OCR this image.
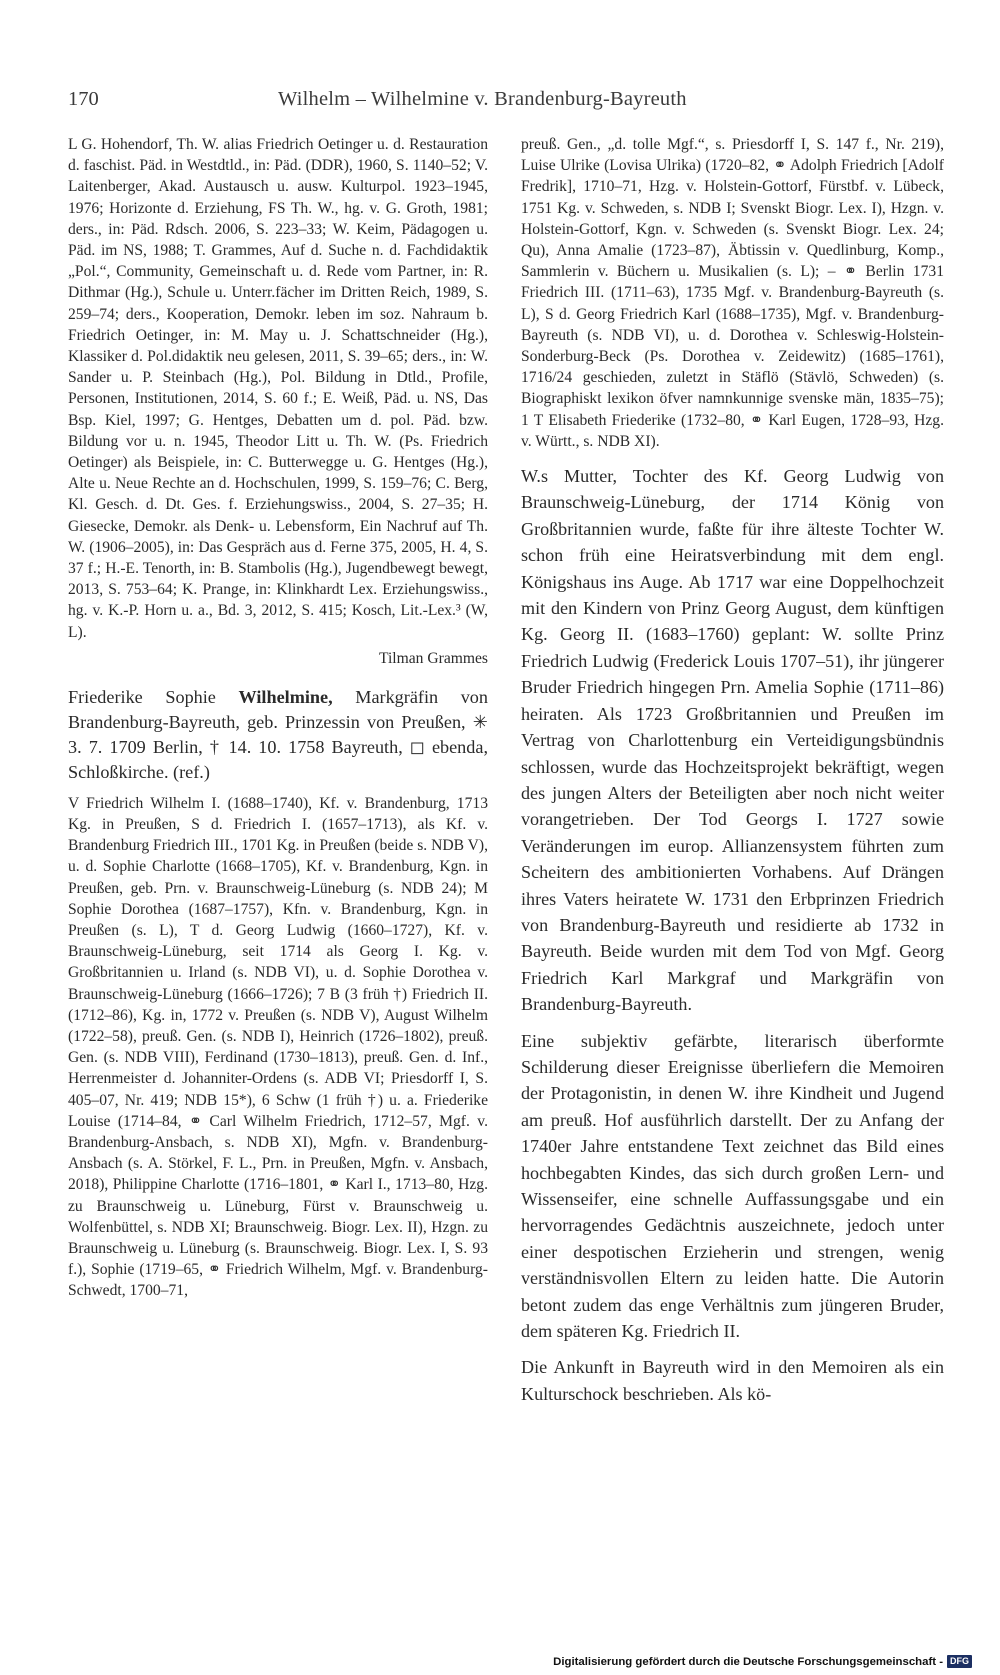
170	Wilhelm – Wilhelmine v. Brandenburg-Bayreuth

L G. Hohendorf, Th. W. alias Friedrich Oetinger u. d. Restauration d. faschist. Päd. in Westdtld., in: Päd. (DDR), 1960, S. 1140–52; V. Laitenberger, Akad. Austausch u. ausw. Kulturpol. 1923–1945, 1976; Horizonte d. Erziehung, FS Th. W., hg. v. G. Groth, 1981; ders., in: Päd. Rdsch. 2006, S. 223–33; W. Keim, Pädagogen u. Päd. im NS, 1988; T. Grammes, Auf d. Suche n. d. Fachdidaktik „Pol.“, Community, Gemeinschaft u. d. Rede vom Partner, in: R. Dithmar (Hg.), Schule u. Unterr.fächer im Dritten Reich, 1989, S. 259–74; ders., Kooperation, Demokr. leben im soz. Nahraum b. Friedrich Oetinger, in: M. May u. J. Schattschneider (Hg.), Klassiker d. Pol.didaktik neu gelesen, 2011, S. 39–65; ders., in: W. Sander u. P. Steinbach (Hg.), Pol. Bildung in Dtld., Profile, Personen, Institutionen, 2014, S. 60 f.; E. Weiß, Päd. u. NS, Das Bsp. Kiel, 1997; G. Hentges, Debatten um d. pol. Päd. bzw. Bildung vor u. n. 1945, Theodor Litt u. Th. W. (Ps. Friedrich Oetinger) als Beispiele, in: C. Butterwegge u. G. Hentges (Hg.), Alte u. Neue Rechte an d. Hochschulen, 1999, S. 159–76; C. Berg, Kl. Gesch. d. Dt. Ges. f. Erziehungswiss., 2004, S. 27–35; H. Giesecke, Demokr. als Denk- u. Lebensform, Ein Nachruf auf Th. W. (1906–2005), in: Das Gespräch aus d. Ferne 375, 2005, H. 4, S. 37 f.; H.-E. Tenorth, in: B. Stambolis (Hg.), Jugendbewegt bewegt, 2013, S. 753–64; K. Prange, in: Klinkhardt Lex. Erziehungswiss., hg. v. K.-P. Horn u. a., Bd. 3, 2012, S. 415; Kosch, Lit.-Lex.³ (W, L).

Tilman Grammes

Friederike Sophie Wilhelmine, Markgräfin von Brandenburg-Bayreuth, geb. Prinzessin von Preußen, ✳ 3. 7. 1709 Berlin, † 14. 10. 1758 Bayreuth, ◻ ebenda, Schloßkirche. (ref.)

V Friedrich Wilhelm I. (1688–1740), Kf. v. Brandenburg, 1713 Kg. in Preußen, S d. Friedrich I. (1657–1713), als Kf. v. Brandenburg Friedrich III., 1701 Kg. in Preußen (beide s. NDB V), u. d. Sophie Charlotte (1668–1705), Kf. v. Brandenburg, Kgn. in Preußen, geb. Prn. v. Braunschweig-Lüneburg (s. NDB 24); M Sophie Dorothea (1687–1757), Kfn. v. Brandenburg, Kgn. in Preußen (s. L), T d. Georg Ludwig (1660–1727), Kf. v. Braunschweig-Lüneburg, seit 1714 als Georg I. Kg. v. Großbritannien u. Irland (s. NDB VI), u. d. Sophie Dorothea v. Braunschweig-Lüneburg (1666–1726); 7 B (3 früh †) Friedrich II. (1712–86), Kg. in, 1772 v. Preußen (s. NDB V), August Wilhelm (1722–58), preuß. Gen. (s. NDB I), Heinrich (1726–1802), preuß. Gen. (s. NDB VIII), Ferdinand (1730–1813), preuß. Gen. d. Inf., Herrenmeister d. Johanniter-Ordens (s. ADB VI; Priesdorff I, S. 405–07, Nr. 419; NDB 15*), 6 Schw (1 früh †) u. a. Friederike Louise (1714–84, ⚭ Carl Wilhelm Friedrich, 1712–57, Mgf. v. Brandenburg-Ansbach, s. NDB XI), Mgfn. v. Brandenburg-Ansbach (s. A. Störkel, F. L., Prn. in Preußen, Mgfn. v. Ansbach, 2018), Philippine Charlotte (1716–1801, ⚭ Karl I., 1713–80, Hzg. zu Braunschweig u. Lüneburg, Fürst v. Braunschweig u. Wolfenbüttel, s. NDB XI; Braunschweig. Biogr. Lex. II), Hzgn. zu Braunschweig u. Lüneburg (s. Braunschweig. Biogr. Lex. I, S. 93 f.), Sophie (1719–65, ⚭ Friedrich Wilhelm, Mgf. v. Brandenburg-Schwedt, 1700–71,

preuß. Gen., „d. tolle Mgf.“, s. Priesdorff I, S. 147 f., Nr. 219), Luise Ulrike (Lovisa Ulrika) (1720–82, ⚭ Adolph Friedrich [Adolf Fredrik], 1710–71, Hzg. v. Holstein-Gottorf, Fürstbf. v. Lübeck, 1751 Kg. v. Schweden, s. NDB I; Svenskt Biogr. Lex. I), Hzgn. v. Holstein-Gottorf, Kgn. v. Schweden (s. Svenskt Biogr. Lex. 24; Qu), Anna Amalie (1723–87), Äbtissin v. Quedlinburg, Komp., Sammlerin v. Büchern u. Musikalien (s. L); – ⚭ Berlin 1731 Friedrich III. (1711–63), 1735 Mgf. v. Brandenburg-Bayreuth (s. L), S d. Georg Friedrich Karl (1688–1735), Mgf. v. Brandenburg-Bayreuth (s. NDB VI), u. d. Dorothea v. Schleswig-Holstein-Sonderburg-Beck (Ps. Dorothea v. Zeidewitz) (1685–1761), 1716/24 geschieden, zuletzt in Stäflö (Stävlö, Schweden) (s. Biographiskt lexikon öfver namnkunnige svenske män, 1835–75); 1 T Elisabeth Friederike (1732–80, ⚭ Karl Eugen, 1728–93, Hzg. v. Württ., s. NDB XI).

W.s Mutter, Tochter des Kf. Georg Ludwig von Braunschweig-Lüneburg, der 1714 König von Großbritannien wurde, faßte für ihre älteste Tochter W. schon früh eine Heiratsverbindung mit dem engl. Königshaus ins Auge. Ab 1717 war eine Doppelhochzeit mit den Kindern von Prinz Georg August, dem künftigen Kg. Georg II. (1683–1760) geplant: W. sollte Prinz Friedrich Ludwig (Frederick Louis 1707–51), ihr jüngerer Bruder Friedrich hingegen Prn. Amelia Sophie (1711–86) heiraten. Als 1723 Großbritannien und Preußen im Vertrag von Charlottenburg ein Verteidigungsbündnis schlossen, wurde das Hochzeitsprojekt bekräftigt, wegen des jungen Alters der Beteiligten aber noch nicht weiter vorangetrieben. Der Tod Georgs I. 1727 sowie Veränderungen im europ. Allianzensystem führten zum Scheitern des ambitionierten Vorhabens. Auf Drängen ihres Vaters heiratete W. 1731 den Erbprinzen Friedrich von Brandenburg-Bayreuth und residierte ab 1732 in Bayreuth. Beide wurden mit dem Tod von Mgf. Georg Friedrich Karl Markgraf und Markgräfin von Brandenburg-Bayreuth.

Eine subjektiv gefärbte, literarisch überformte Schilderung dieser Ereignisse überliefern die Memoiren der Protagonistin, in denen W. ihre Kindheit und Jugend am preuß. Hof ausführlich darstellt. Der zu Anfang der 1740er Jahre entstandene Text zeichnet das Bild eines hochbegabten Kindes, das sich durch großen Lern- und Wissenseifer, eine schnelle Auffassungsgabe und ein hervorragendes Gedächtnis auszeichnete, jedoch unter einer despotischen Erzieherin und strengen, wenig verständnisvollen Eltern zu leiden hatte. Die Autorin betont zudem das enge Verhältnis zum jüngeren Bruder, dem späteren Kg. Friedrich II.

Die Ankunft in Bayreuth wird in den Memoiren als ein Kulturschock beschrieben. Als kö-

Digitalisierung gefördert durch die Deutsche Forschungsgemeinschaft - DFG
